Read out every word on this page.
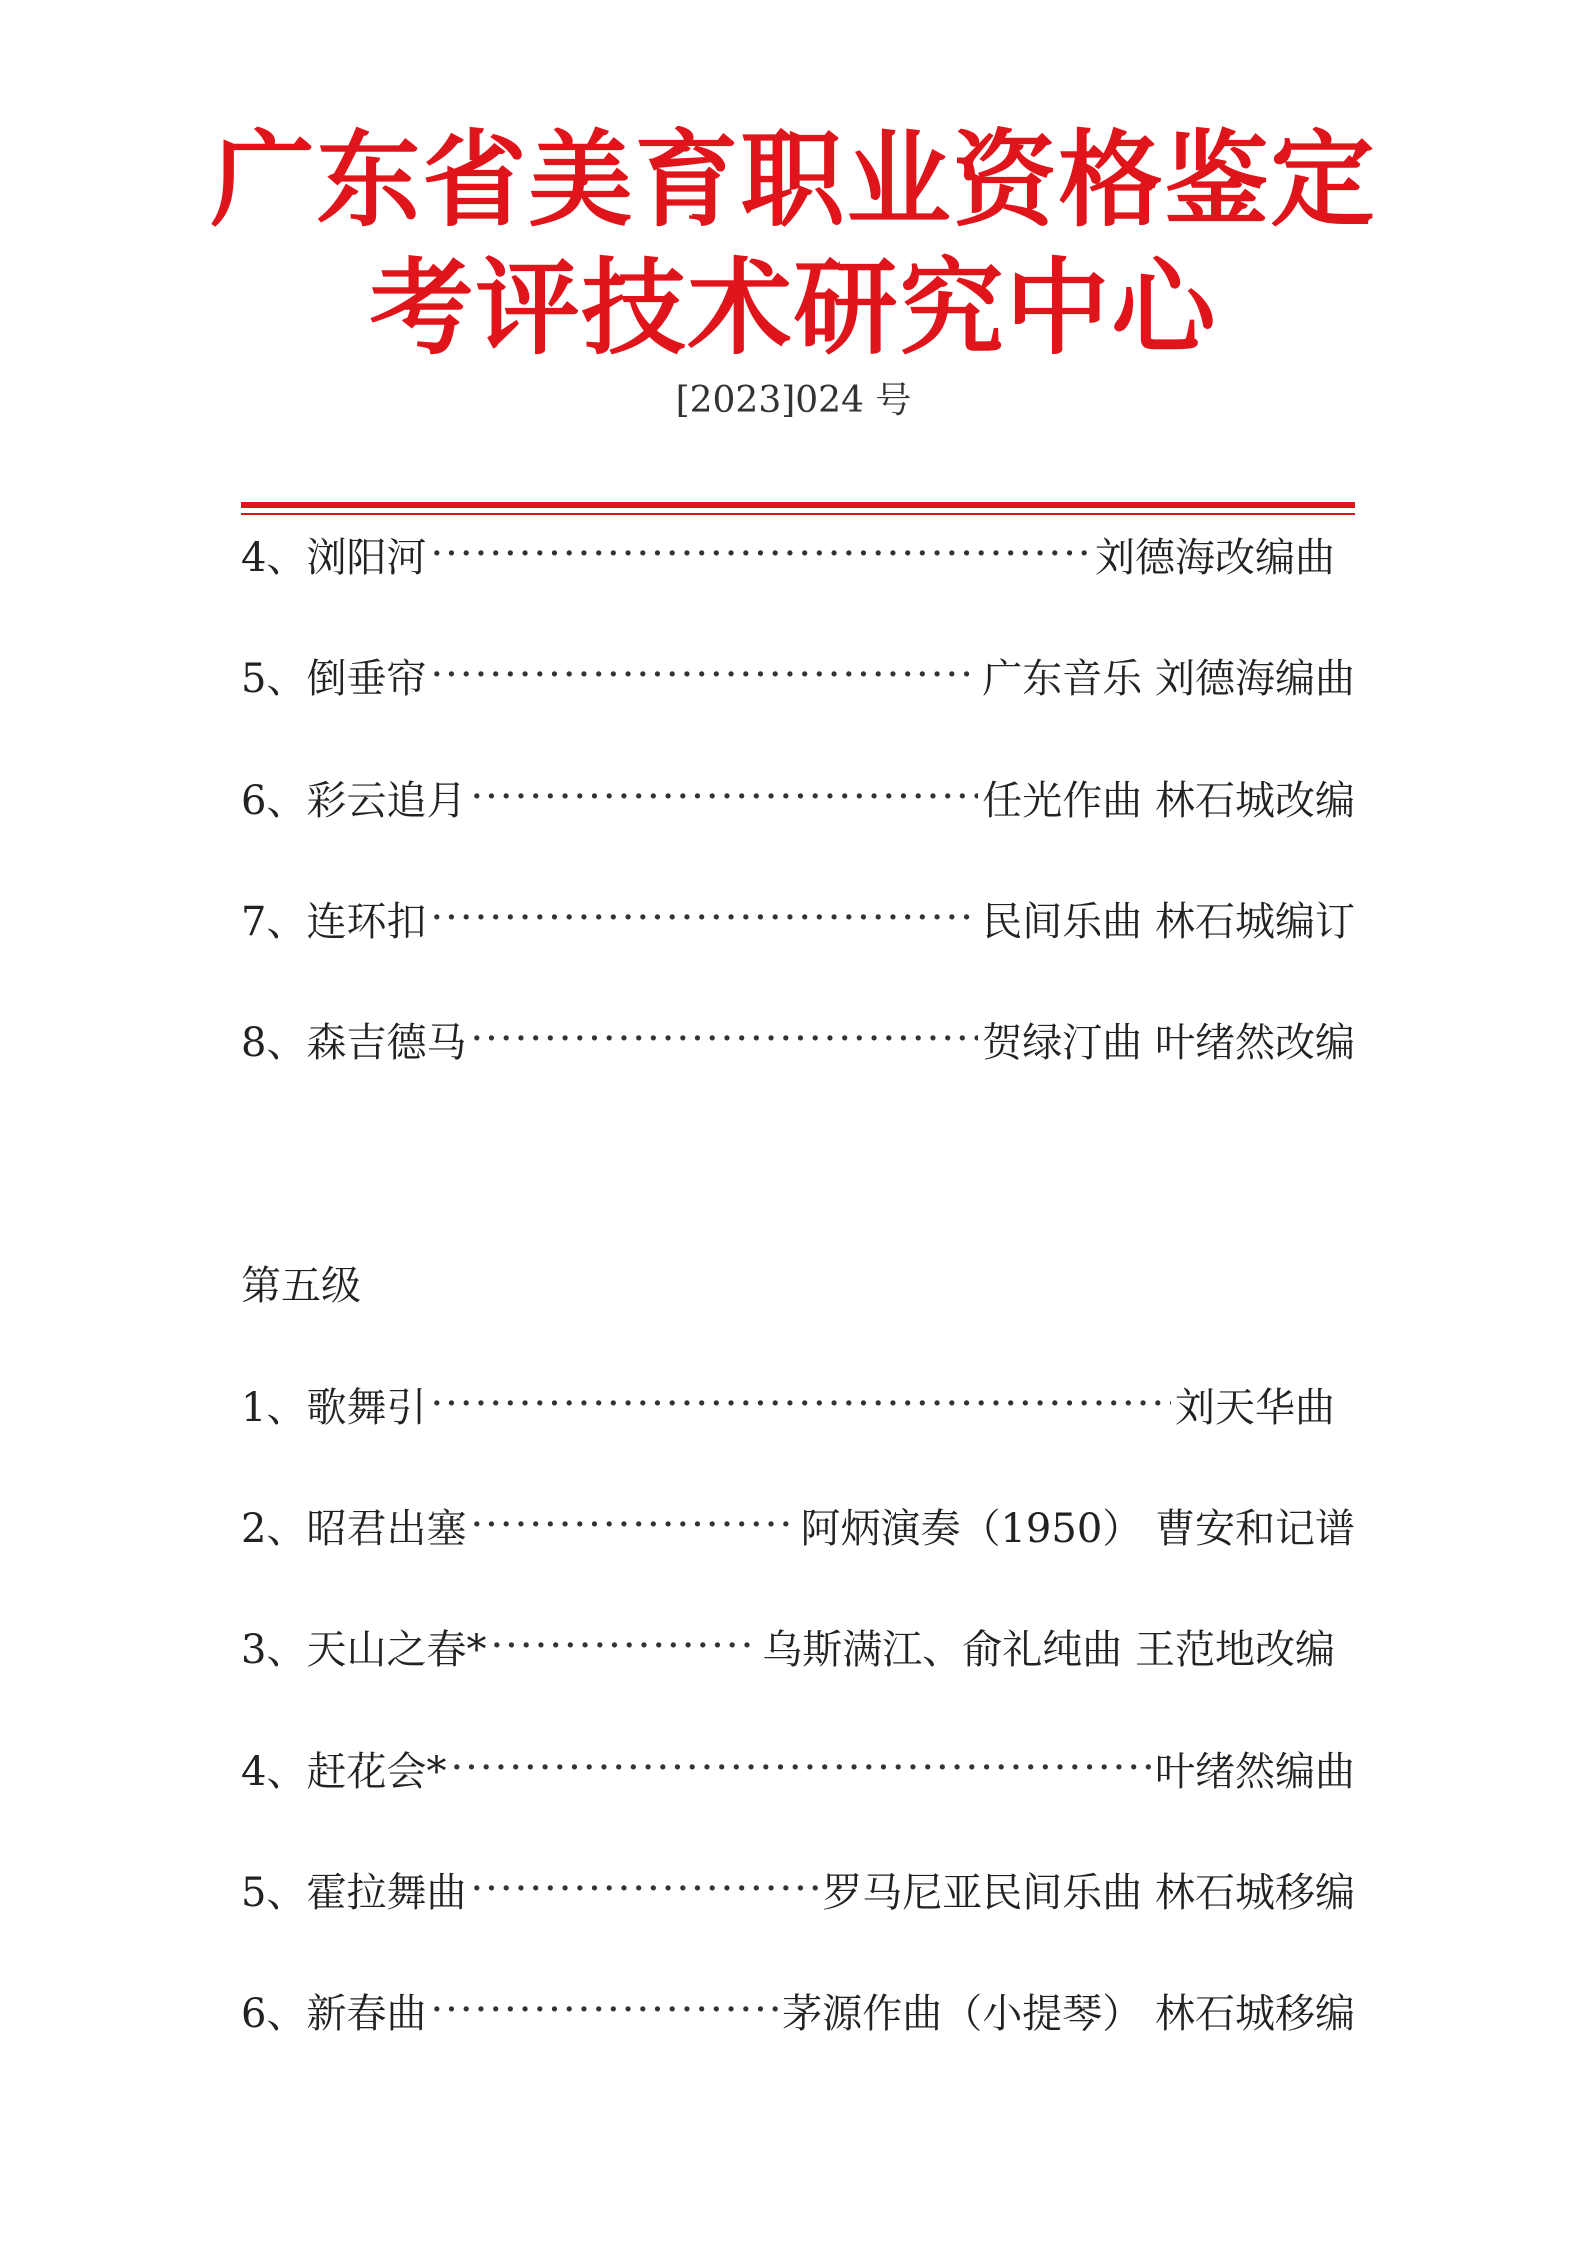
广东省美育职业资格鉴定
考评技术研究中心
[2023]024 号
4、浏阳河 ·····	刘德海改编曲
5、倒垂帘 ·····	广东音乐 刘德海编曲
6、彩云追月 ·····	任光作曲 林石城改编
7、连环扣 ·····	民间乐曲 林石城编订
8、森吉德马 ·····	贺绿汀曲 叶绪然改编
第五级
1、歌舞引 ·····	刘天华曲
2、昭君出塞 ·····	阿炳演奏（1950） 曹安和记谱
3、天山之春* ·····	乌斯满江、俞礼纯曲 王范地改编
4、赶花会* ·····	叶绪然编曲
5、霍拉舞曲 ·····	罗马尼亚民间乐曲 林石城移编
6、新春曲 ·····	茅源作曲（小提琴） 林石城移编
